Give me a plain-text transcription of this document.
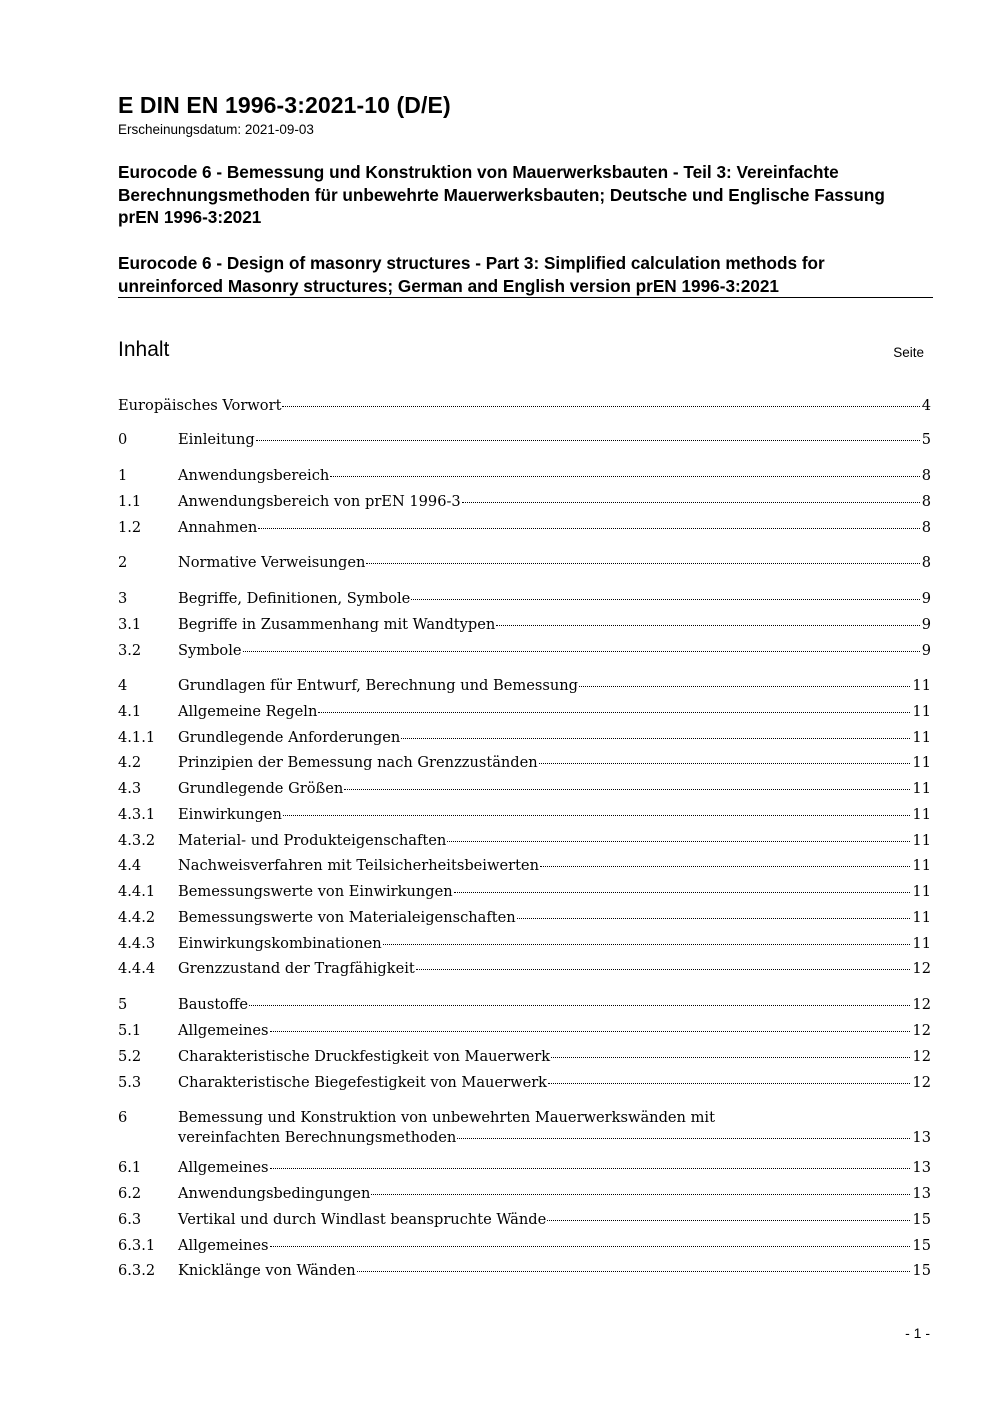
E DIN EN 1996-3:2021-10 (D/E)
Erscheinungsdatum: 2021-09-03
Eurocode 6 - Bemessung und Konstruktion von Mauerwerksbauten - Teil 3: Vereinfachte Berechnungsmethoden für unbewehrte Mauerwerksbauten; Deutsche und Englische Fassung prEN 1996-3:2021
Eurocode 6 - Design of masonry structures - Part 3: Simplified calculation methods for unreinforced Masonry structures; German and English version prEN 1996-3:2021
Inhalt	Seite
Europäisches Vorwort	4
0	Einleitung	5
1	Anwendungsbereich	8
1.1	Anwendungsbereich von prEN 1996-3	8
1.2	Annahmen	8
2	Normative Verweisungen	8
3	Begriffe, Definitionen, Symbole	9
3.1	Begriffe in Zusammenhang mit Wandtypen	9
3.2	Symbole	9
4	Grundlagen für Entwurf, Berechnung und Bemessung	11
4.1	Allgemeine Regeln	11
4.1.1	Grundlegende Anforderungen	11
4.2	Prinzipien der Bemessung nach Grenzzuständen	11
4.3	Grundlegende Größen	11
4.3.1	Einwirkungen	11
4.3.2	Material- und Produkteigenschaften	11
4.4	Nachweisverfahren mit Teilsicherheitsbeiwerten	11
4.4.1	Bemessungswerte von Einwirkungen	11
4.4.2	Bemessungswerte von Materialeigenschaften	11
4.4.3	Einwirkungskombinationen	11
4.4.4	Grenzzustand der Tragfähigkeit	12
5	Baustoffe	12
5.1	Allgemeines	12
5.2	Charakteristische Druckfestigkeit von Mauerwerk	12
5.3	Charakteristische Biegefestigkeit von Mauerwerk	12
6	Bemessung und Konstruktion von unbewehrten Mauerwerkswänden mit
vereinfachten Berechnungsmethoden	13
6.1	Allgemeines	13
6.2	Anwendungsbedingungen	13
6.3	Vertikal und durch Windlast beanspruchte Wände	15
6.3.1	Allgemeines	15
6.3.2	Knicklänge von Wänden	15
- 1 -
